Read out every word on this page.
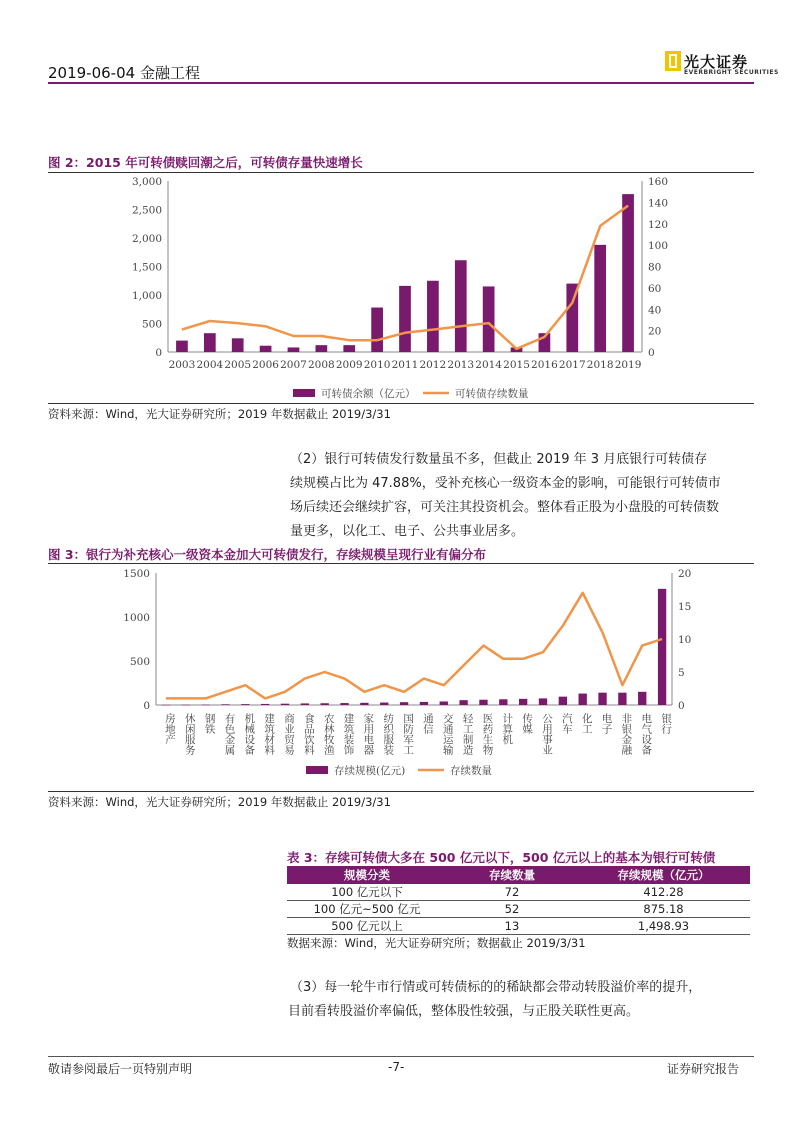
2019-06-04 金融工程
光大证券
EVERBRIGHT SECURITIES
图 2：2015 年可转债赎回潮之后，可转债存量快速增长
0
500
1,000
1,500
2,000
2,500
3,000
0
20
40
60
80
100
120
140
160
2003 2004 2005 2006 2007 2008 2009 2010 2011 2012 2013 2014 2015 2016 2017 2018 2019
可转债余额（亿元）	可转债存续数量
资料来源：Wind，光大证券研究所；2019 年数据截止 2019/3/31
（2）银行可转债发行数量虽不多，但截止 2019 年 3 月底银行可转债存
续规模占比为 47.88%，受补充核心一级资本金的影响，可能银行可转债市
场后续还会继续扩容，可关注其投资机会。整体看正股为小盘股的可转债数
量更多，以化工、电子、公共事业居多。
图 3：银行为补充核心一级资本金加大可转债发行，存续规模呈现行业有偏分布
0
500
1000
1500
0
5
10
15
20
房地产 休闲服务 钢铁 有色金属 机械设备 建筑材料 商业贸易 食品饮料 农林牧渔 建筑装饰 家用电器 纺织服装 国防军工 通信 交通运输 轻工制造 医药生物 计算机 传媒 公用事业 汽车 化工 电子 非银金融 电气设备 银行
存续规模(亿元)	存续数量
资料来源：Wind，光大证券研究所；2019 年数据截止 2019/3/31
表 3：存续可转债大多在 500 亿元以下，500 亿元以上的基本为银行可转债
规模分类	存续数量	存续规模（亿元）
100 亿元以下	72	412.28
100 亿元~500 亿元	52	875.18
500 亿元以上	13	1,498.93
数据来源：Wind，光大证券研究所；数据截止 2019/3/31
（3）每一轮牛市行情或可转债标的的稀缺都会带动转股溢价率的提升，
目前看转股溢价率偏低，整体股性较强，与正股关联性更高。
敬请参阅最后一页特别声明	-7-	证券研究报告
